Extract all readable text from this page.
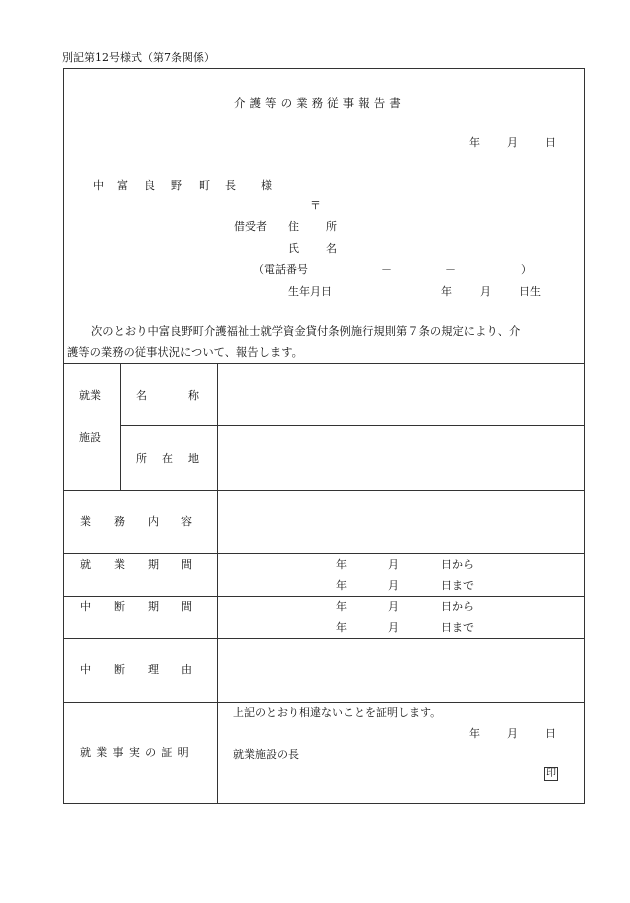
別記第12号様式（第7条関係）
介護等の業務従事報告書
年 月 日
中 富 良 野 町 長 様
〒
借受者 住 所
氏 名
（電話番号	－	－	）
生年月日	年	月	日生
次のとおり中富良野町介護福祉士就学資金貸付条例施行規則第７条の規定により、介
護等の業務の従事状況について、報告します。
就業
施設
名	称
所 在 地
業 務 内 容
就 業 期 間	年	月	日から
年	月	日まで
中 断 期 間	年	月	日から
年	月	日まで
中 断 理 由
就業事実の証明
上記のとおり相違ないことを証明します。
年 月 日
就業施設の長
印
